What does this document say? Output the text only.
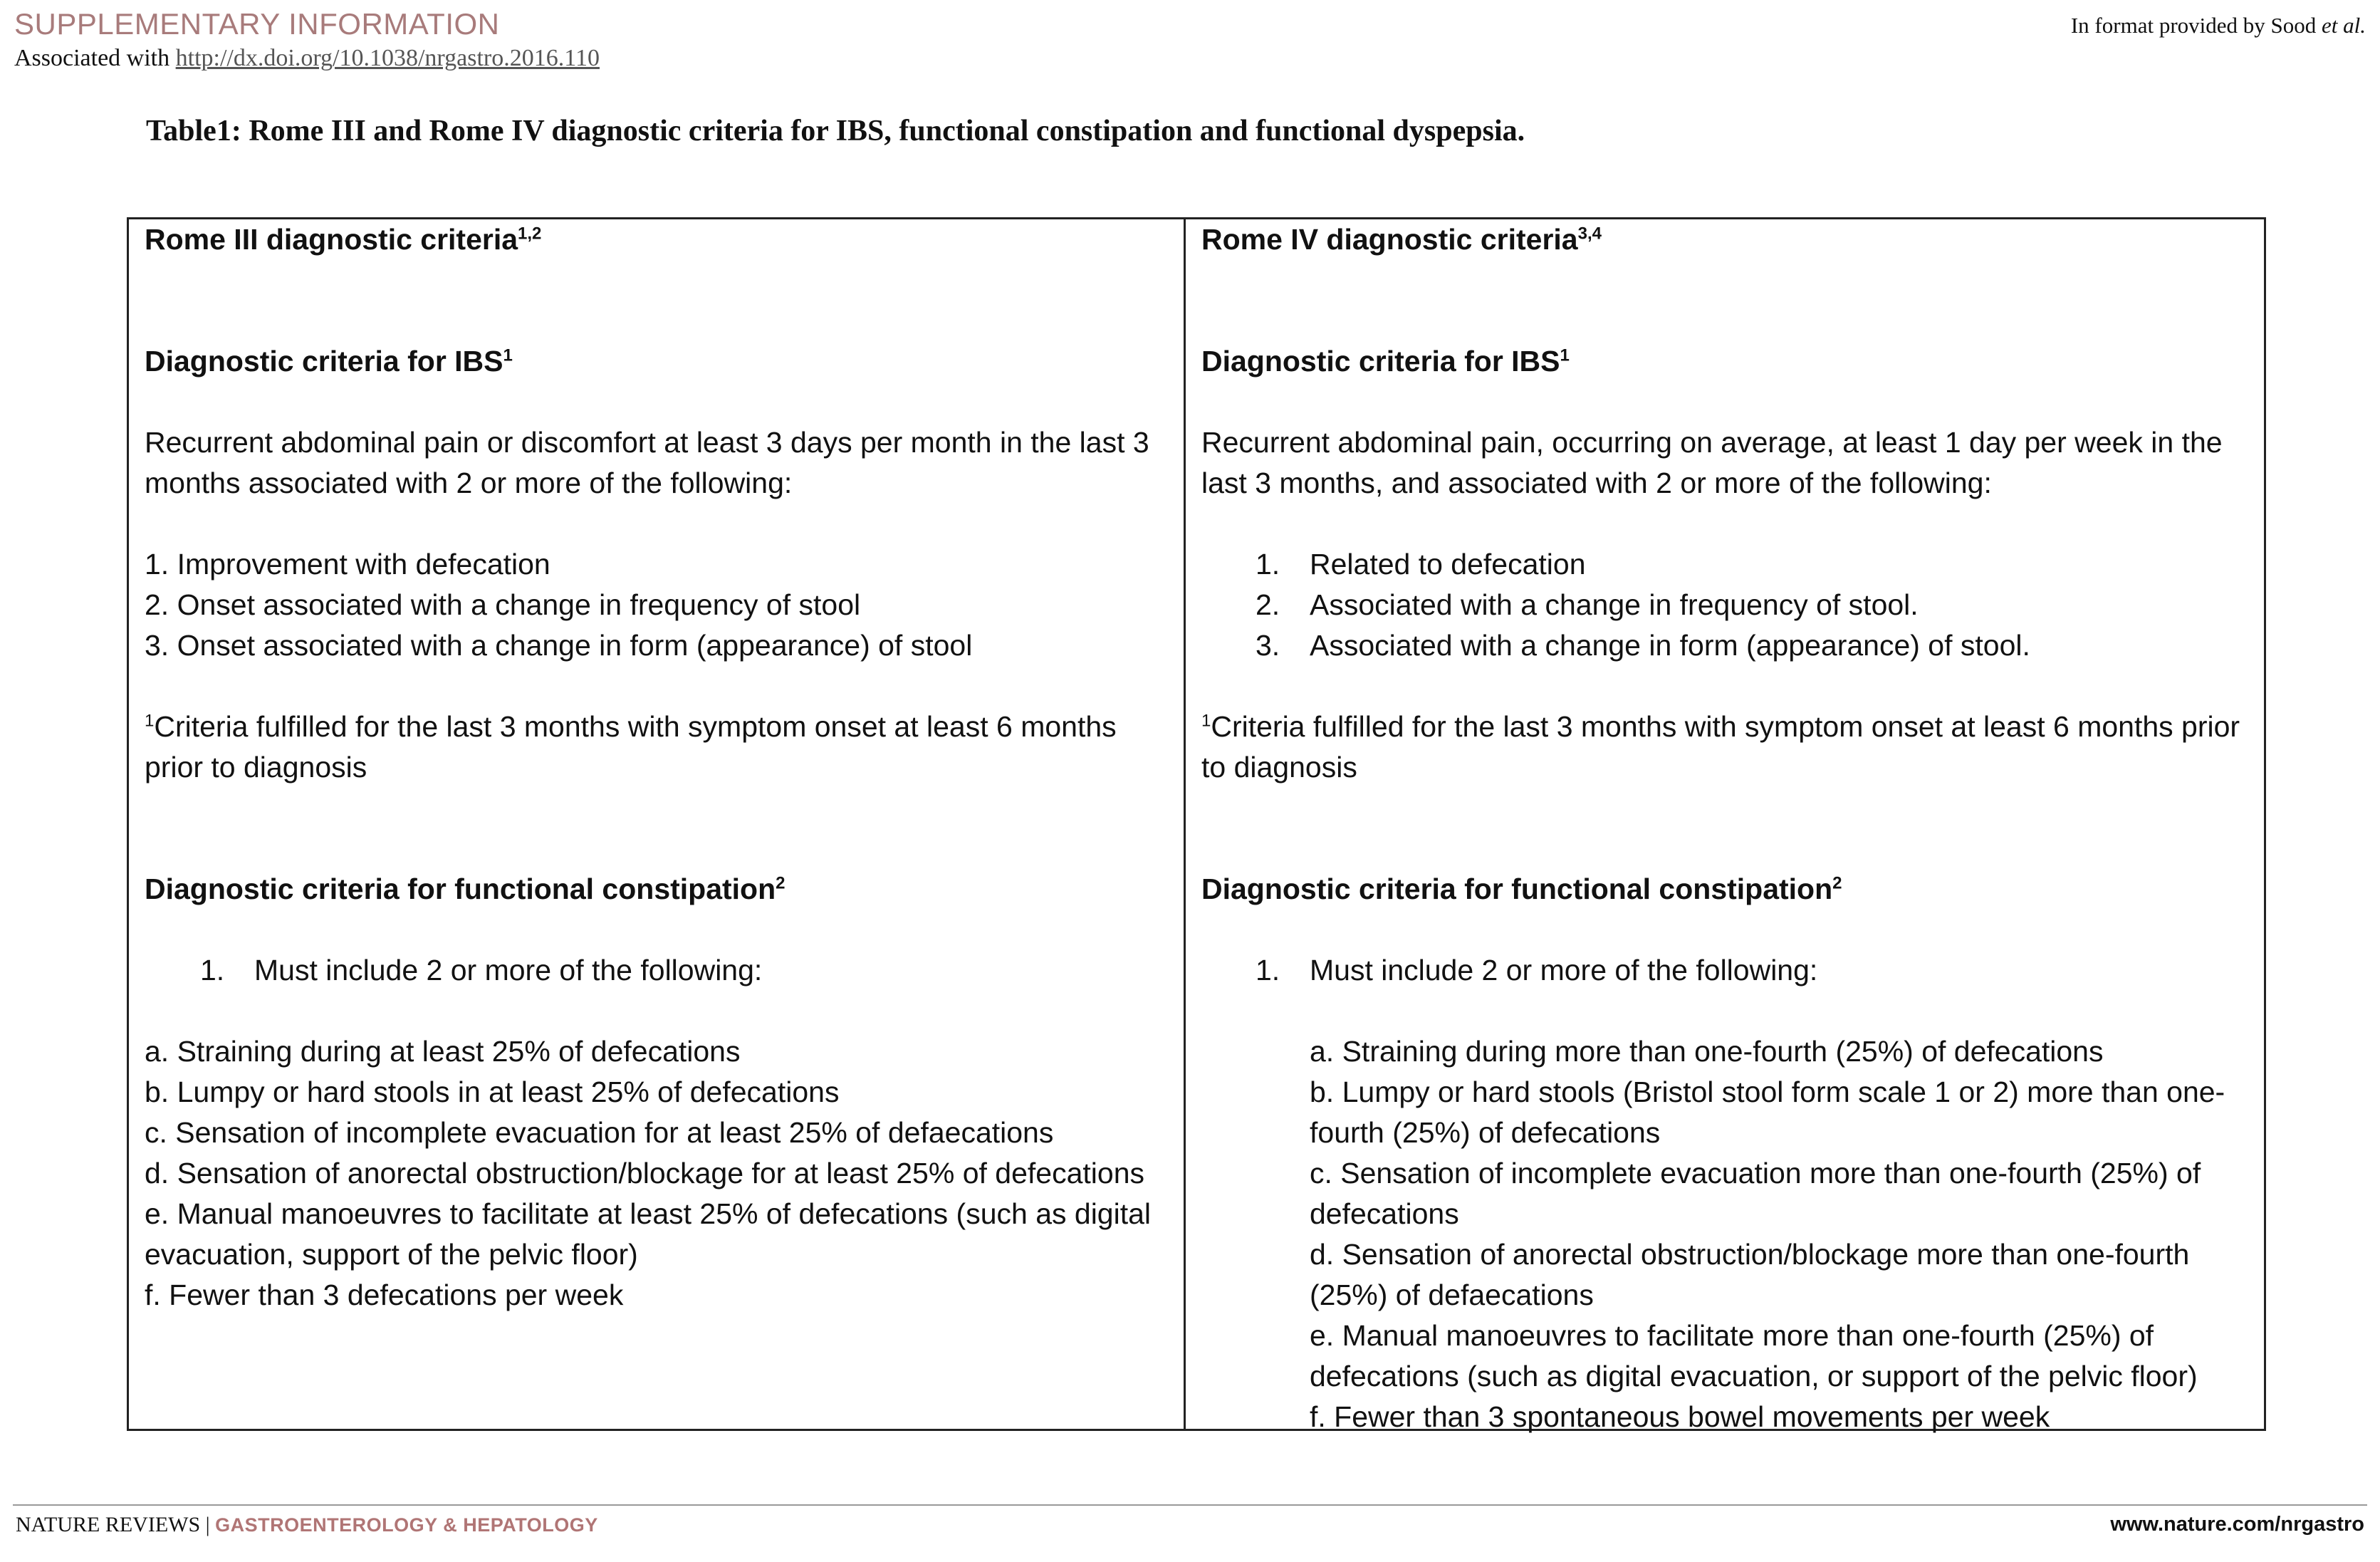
SUPPLEMENTARY INFORMATION
Associated with http://dx.doi.org/10.1038/nrgastro.2016.110
In format provided by Sood et al.
Table1: Rome III and Rome IV diagnostic criteria for IBS, functional constipation and functional dyspepsia.
Rome III diagnostic criteria$^{1,2}$
Diagnostic criteria for IBS$^1$

Recurrent abdominal pain or discomfort at least 3 days per month in the last 3 months associated with 2 or more of the following:

1. Improvement with defecation

2. Onset associated with a change in frequency of stool

3. Onset associated with a change in form (appearance) of stool

$^1$Criteria fulfilled for the last 3 months with symptom onset at least 6 months prior to diagnosis

Diagnostic criteria for functional constipation$^2$
1.	Must include 2 or more of the following:

a. Straining during at least 25% of defecations

b. Lumpy or hard stools in at least 25% of defecations

c. Sensation of incomplete evacuation for at least 25% of defaecations

d. Sensation of anorectal obstruction/blockage for at least 25% of defecations

e. Manual manoeuvres to facilitate at least 25% of defecations (such as digital evacuation, support of the pelvic floor)

f. Fewer than 3 defecations per week

Rome IV diagnostic criteria$^{3,4}$
Diagnostic criteria for IBS$^1$

Recurrent abdominal pain, occurring on average, at least 1 day per week in the last 3 months, and associated with 2 or more of the following:

1.	Related to defecation
2.	Associated with a change in frequency of stool.
3.	Associated with a change in form (appearance) of stool.

$^1$Criteria fulfilled for the last 3 months with symptom onset at least 6 months prior to diagnosis

Diagnostic criteria for functional constipation$^2$
1.	Must include 2 or more of the following:

a. Straining during more than one-fourth (25%) of defecations

b. Lumpy or hard stools (Bristol stool form scale 1 or 2) more than one-fourth (25%) of defecations

c. Sensation of incomplete evacuation more than one-fourth (25%) of defecations

d. Sensation of anorectal obstruction/blockage more than one-fourth (25%) of defaecations

e. Manual manoeuvres to facilitate more than one-fourth (25%) of defecations (such as digital evacuation, or support of the pelvic floor)

f. Fewer than 3 spontaneous bowel movements per week

NATURE REVIEWS | GASTROENTEROLOGY & HEPATOLOGY	www.nature.com/nrgastro
